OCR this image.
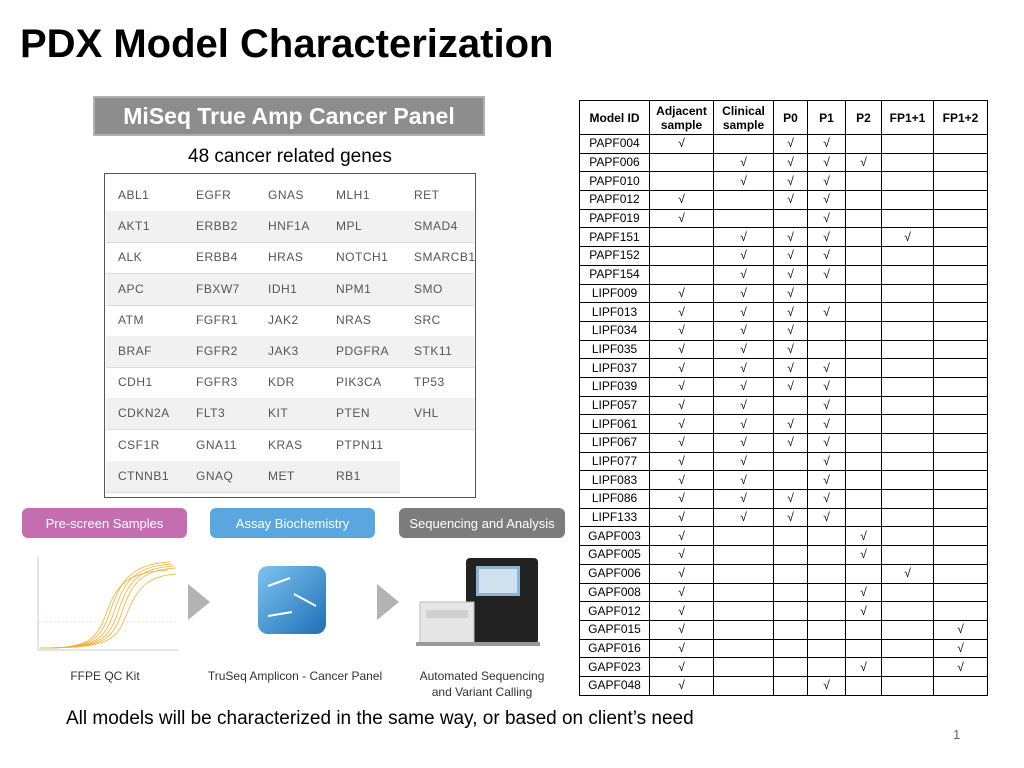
PDX Model Characterization
MiSeq True Amp Cancer Panel
48 cancer related genes
ABL1	EGFR	GNAS	MLH1	RET
AKT1	ERBB2	HNF1A MPL	SMAD4
ALK	ERBB4	HRAS	NOTCH1 SMARCB1
APC	FBXW7 IDH1	NPM1	SMO
ATM	FGFR1	JAK2	NRAS	SRC
BRAF	FGFR2	JAK3	PDGFRA STK11
CDH1	FGFR3	KDR	PIK3CA	TP53
CDKN2A FLT3	KIT	PTEN	VHL
CSF1R	GNA11	KRAS	PTPN11
CTNNB1 GNAQ	MET	RB1
Pre-screen Samples	Assay Biochemistry	Sequencing and Analysis
FFPE QC Kit	TruSeq Amplicon - Cancer Panel	Automated Sequencing and Variant Calling
Model ID	Adjacent sample	Clinical sample	P0	P1	P2	FP1+1	FP1+2
PAPF004	√		√	√			
PAPF006		√	√	√	√		
PAPF010		√	√	√			
PAPF012	√		√	√			
PAPF019	√			√			
PAPF151		√	√	√		√	
PAPF152		√	√	√			
PAPF154		√	√	√			
LIPF009	√	√	√				
LIPF013	√	√	√	√			
LIPF034	√	√	√				
LIPF035	√	√	√				
LIPF037	√	√	√	√			
LIPF039	√	√	√	√			
LIPF057	√	√		√			
LIPF061	√	√	√	√			
LIPF067	√	√	√	√			
LIPF077	√	√		√			
LIPF083	√	√		√			
LIPF086	√	√	√	√			
LIPF133	√	√	√	√			
GAPF003	√				√		
GAPF005	√				√		
GAPF006	√					√	
GAPF008	√				√		
GAPF012	√				√		
GAPF015	√						√
GAPF016	√						√
GAPF023	√				√		√
GAPF048	√			√			
All models will be characterized in the same way, or based on client’s need
1
